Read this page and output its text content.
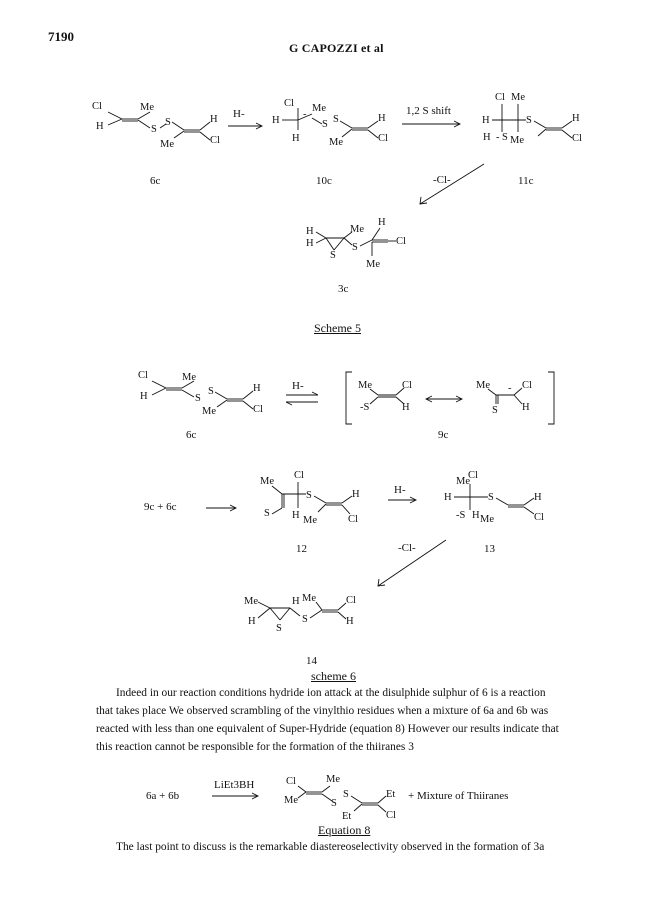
7190
G CAPOZZI et al
Cl
H
Me
S
S
Me
H
Cl
Cl
H
H
Me
-
S S
Me
H
Cl
Cl Me
H
H - S Me
S	H
Cl
H
H
S
Me
S
H
Me
Cl
Cl
H
Me
S
S
Me
H
Cl
Me	Cl
-S	H
Me
S
- Cl
H
Me
Cl
S H
S
Me
H
Cl
Me
Cl
H
-S H Me
S	H
Cl
Me
H
S
H Me
S
Cl
H
Cl
Me
Me
S
S
Et
Et
Cl
6c	10c	11c
3c
H-	1,2 S shift
-Cl-
Scheme 5
6c	9c
12	13
14
9c + 6c
H-
H-
-Cl-
scheme 6
Indeed in our reaction conditions hydride ion attack at the disulphide sulphur of 6 is a reaction
that takes place We observed scrambling of the vinylthio residues when a mixture of 6a and 6b was
reacted with less than one equivalent of Super-Hydride (equation 8) However our results indicate that
this reaction cannot be responsible for the formation of the thiiranes 3
6a + 6b
LiEt3BH
+ Mixture of Thiiranes
Equation 8
The last point to discuss is the remarkable diastereoselectivity observed in the formation of 3a
